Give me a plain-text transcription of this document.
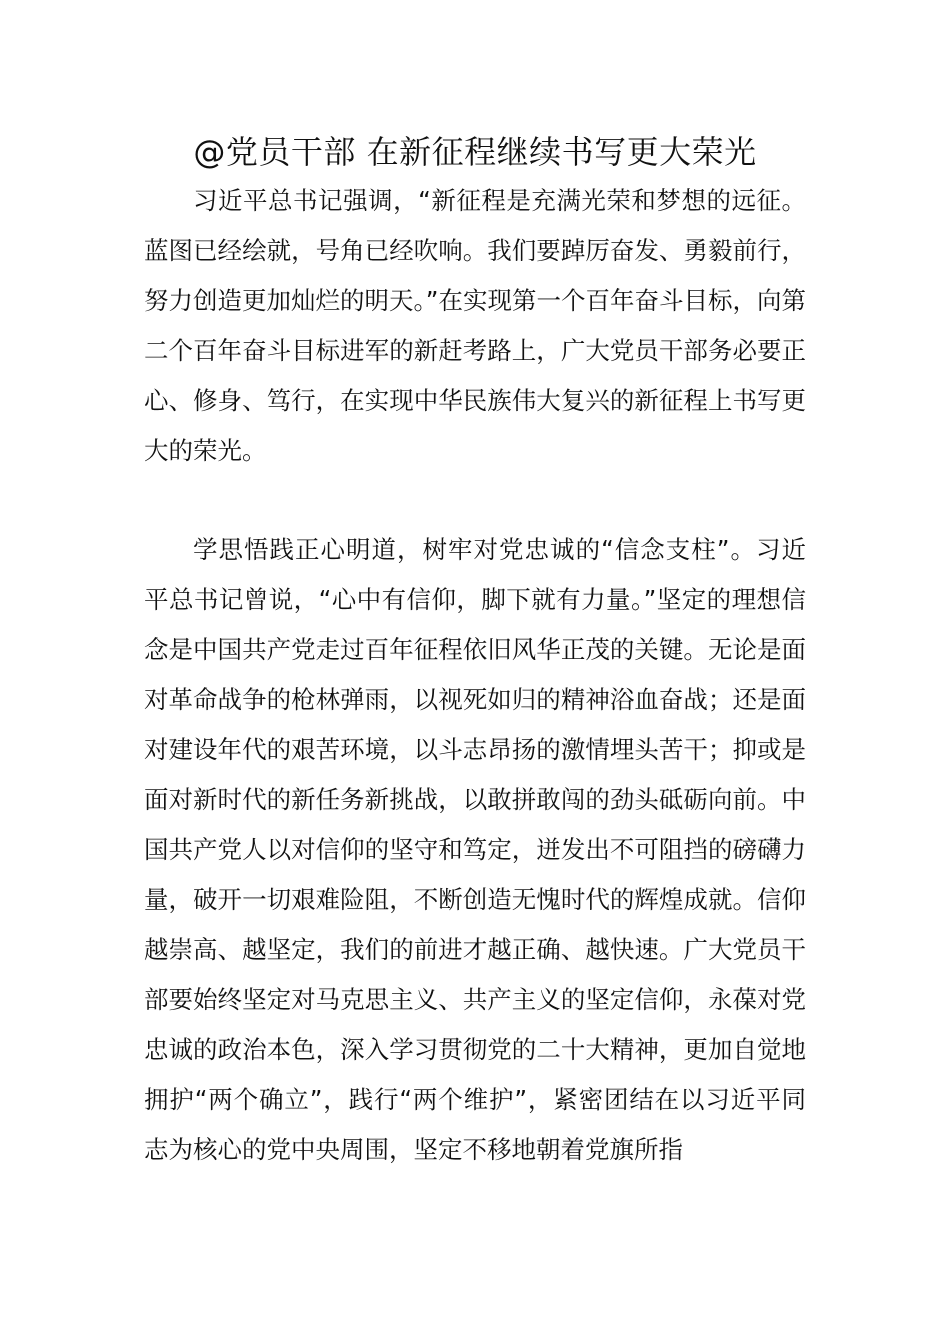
@党员干部 在新征程继续书写更大荣光

习近平总书记强调，“新征程是充满光荣和梦想的远征。蓝图已经绘就，号角已经吹响。我们要踔厉奋发、勇毅前行，努力创造更加灿烂的明天。”在实现第一个百年奋斗目标，向第二个百年奋斗目标进军的新赶考路上，广大党员干部务必要正心、修身、笃行，在实现中华民族伟大复兴的新征程上书写更大的荣光。

学思悟践正心明道，树牢对党忠诚的“信念支柱”。习近平总书记曾说，“心中有信仰，脚下就有力量。”坚定的理想信念是中国共产党走过百年征程依旧风华正茂的关键。无论是面对革命战争的枪林弹雨，以视死如归的精神浴血奋战；还是面对建设年代的艰苦环境，以斗志昂扬的激情埋头苦干；抑或是面对新时代的新任务新挑战，以敢拼敢闯的劲头砥砺向前。中国共产党人以对信仰的坚守和笃定，迸发出不可阻挡的磅礴力量，破开一切艰难险阻，不断创造无愧时代的辉煌成就。信仰越崇高、越坚定，我们的前进才越正确、越快速。广大党员干部要始终坚定对马克思主义、共产主义的坚定信仰，永葆对党忠诚的政治本色，深入学习贯彻党的二十大精神，更加自觉地拥护“两个确立”，践行“两个维护”，紧密团结在以习近平同志为核心的党中央周围，坚定不移地朝着党旗所指
